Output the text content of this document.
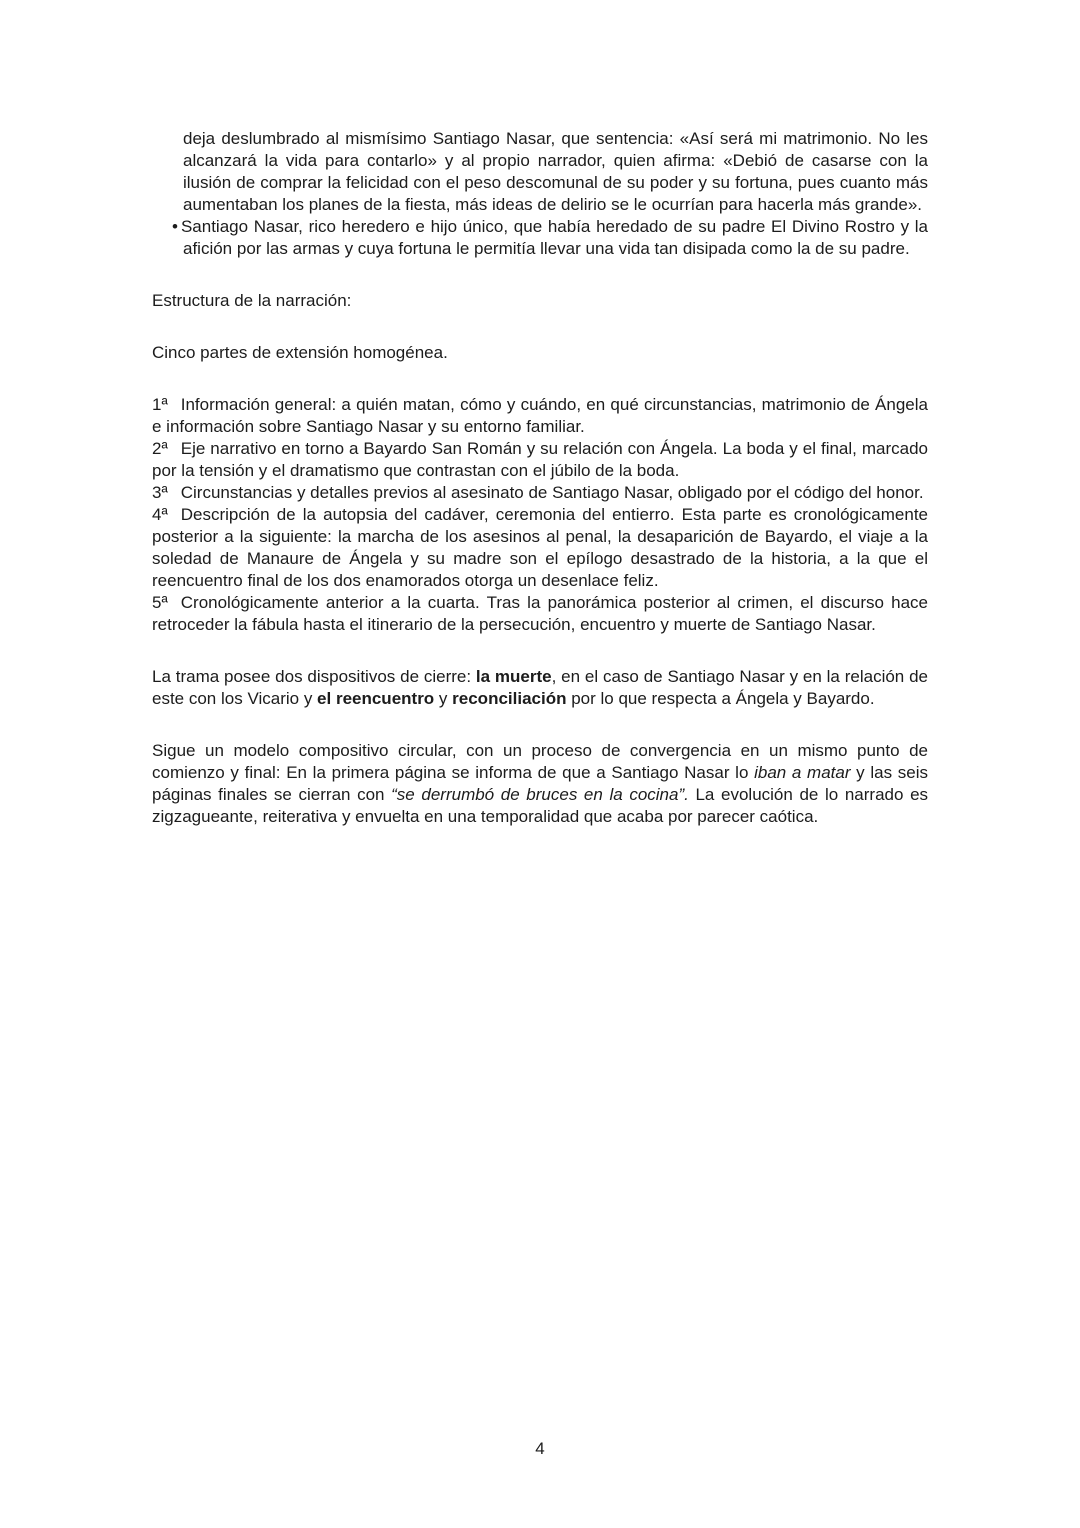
deja deslumbrado al mismísimo Santiago Nasar, que sentencia: «Así será mi matrimonio. No les alcanzará la vida para contarlo» y al propio narrador, quien afirma: «Debió de casarse con la ilusión de comprar la felicidad con el peso descomunal de su poder y su fortuna, pues cuanto más aumentaban los planes de la fiesta, más ideas de delirio se le ocurrían para hacerla más grande».

• Santiago Nasar, rico heredero e hijo único, que había heredado de su padre El Divino Rostro y la afición por las armas y cuya fortuna le permitía llevar una vida tan disipada como la de su padre.

Estructura de la narración:

Cinco partes de extensión homogénea.

1ª Información general: a quién matan, cómo y cuándo, en qué circunstancias, matrimonio de Ángela e información sobre Santiago Nasar y su entorno familiar.

2ª Eje narrativo en torno a Bayardo San Román y su relación con Ángela. La boda y el final, marcado por la tensión y el dramatismo que contrastan con el júbilo de la boda.

3ª Circunstancias y detalles previos al asesinato de Santiago Nasar, obligado por el código del honor.

4ª Descripción de la autopsia del cadáver, ceremonia del entierro. Esta parte es cronológicamente posterior a la siguiente: la marcha de los asesinos al penal, la desaparición de Bayardo, el viaje a la soledad de Manaure de Ángela y su madre son el epílogo desastrado de la historia, a la que el reencuentro final de los dos enamorados otorga un desenlace feliz.

5ª Cronológicamente anterior a la cuarta. Tras la panorámica posterior al crimen, el discurso hace retroceder la fábula hasta el itinerario de la persecución, encuentro y muerte de Santiago Nasar.

La trama posee dos dispositivos de cierre: la muerte, en el caso de Santiago Nasar y en la relación de este con los Vicario y el reencuentro y reconciliación por lo que respecta a Ángela y Bayardo.

Sigue un modelo compositivo circular, con un proceso de convergencia en un mismo punto de comienzo y final: En la primera página se informa de que a Santiago Nasar lo iban a matar y las seis páginas finales se cierran con “se derrumbó de bruces en la cocina”. La evolución de lo narrado es zigzagueante, reiterativa y envuelta en una temporalidad que acaba por parecer caótica.

4
